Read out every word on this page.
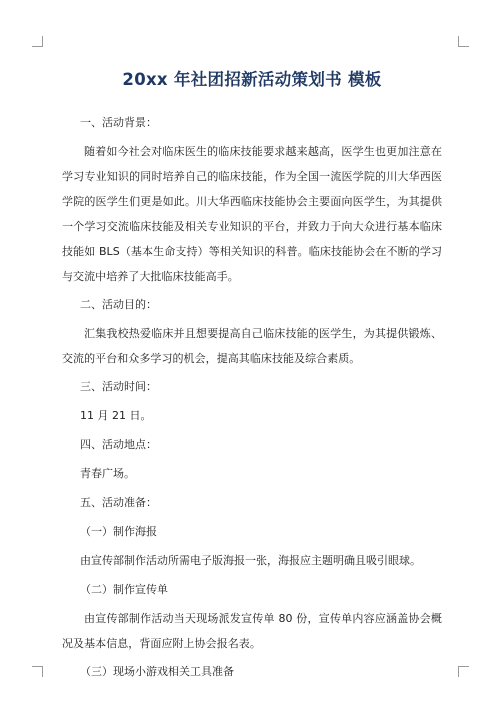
20xx 年社团招新活动策划书 模板
一、活动背景：
随着如今社会对临床医生的临床技能要求越来越高，医学生也更加注意在学习专业知识的同时培养自己的临床技能，作为全国一流医学院的川大华西医学院的医学生们更是如此。川大华西临床技能协会主要面向医学生，为其提供一个学习交流临床技能及相关专业知识的平台，并致力于向大众进行基本临床技能如 BLS（基本生命支持）等相关知识的科普。临床技能协会在不断的学习与交流中培养了大批临床技能高手。
二、活动目的：
汇集我校热爱临床并且想要提高自己临床技能的医学生，为其提供锻炼、交流的平台和众多学习的机会，提高其临床技能及综合素质。
三、活动时间：
11 月 21 日。
四、活动地点：
青春广场。
五、活动准备：
（一）制作海报
由宣传部制作活动所需电子版海报一张，海报应主题明确且吸引眼球。
（二）制作宣传单
由宣传部制作活动当天现场派发宣传单 80 份，宣传单内容应涵盖协会概况及基本信息，背面应附上协会报名表。
（三）现场小游戏相关工具准备
